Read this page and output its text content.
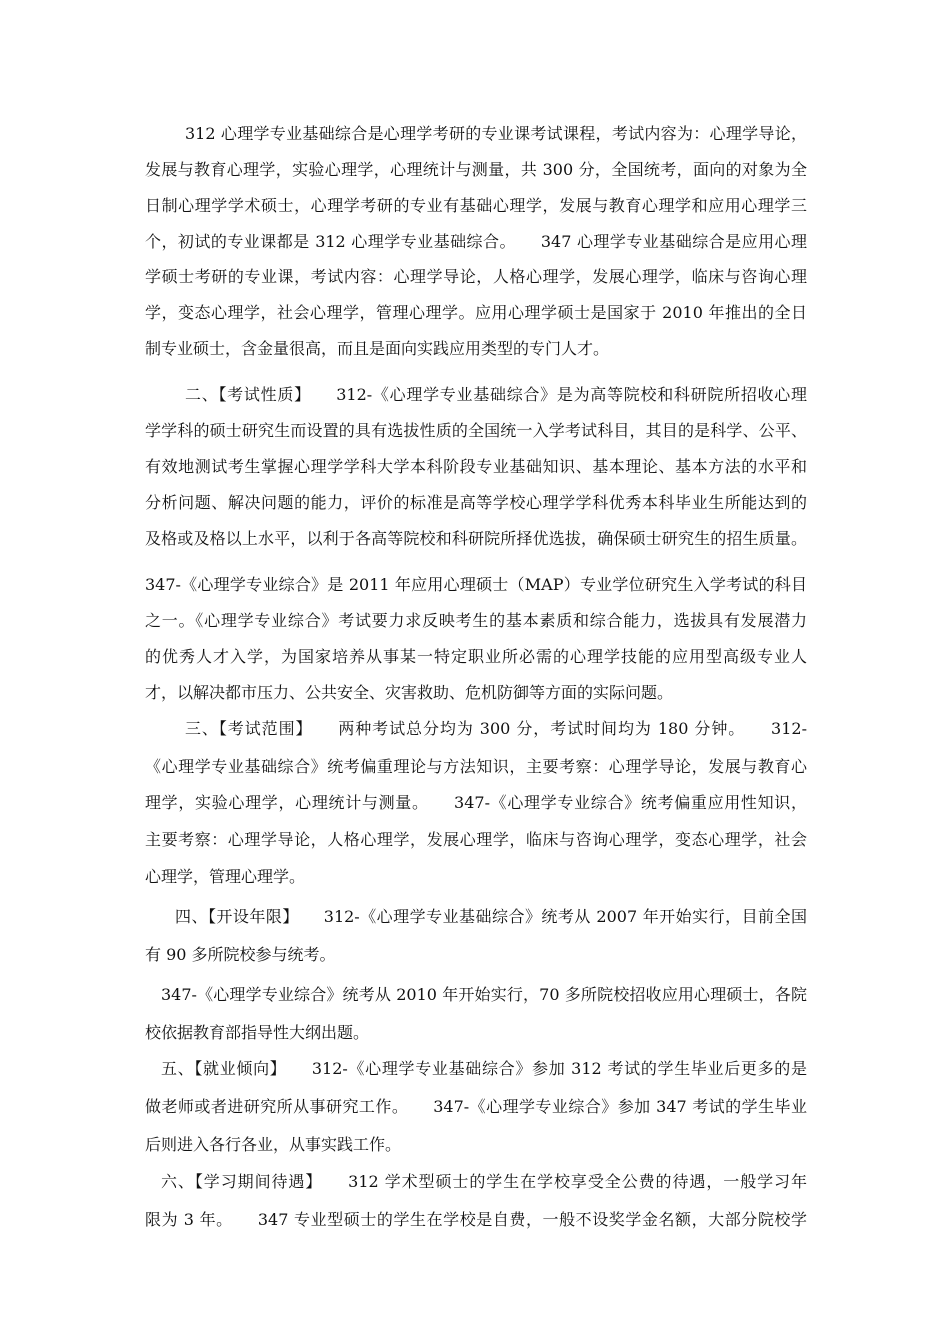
312 心理学专业基础综合是心理学考研的专业课考试课程，考试内容为：心理学导论，
发展与教育心理学，实验心理学，心理统计与测量，共 300 分，全国统考，面向的对象为全
日制心理学学术硕士，心理学考研的专业有基础心理学，发展与教育心理学和应用心理学三
个，初试的专业课都是 312 心理学专业基础综合。　　347 心理学专业基础综合是应用心理
学硕士考研的专业课，考试内容：心理学导论，人格心理学，发展心理学，临床与咨询心理
学，变态心理学，社会心理学，管理心理学。应用心理学硕士是国家于 2010 年推出的全日
制专业硕士，含金量很高，而且是面向实践应用类型的专门人才。
二、【考试性质】　　312-《心理学专业基础综合》是为高等院校和科研院所招收心理
学学科的硕士研究生而设置的具有选拔性质的全国统一入学考试科目，其目的是科学、公平、
有效地测试考生掌握心理学学科大学本科阶段专业基础知识、基本理论、基本方法的水平和
分析问题、解决问题的能力，评价的标准是高等学校心理学学科优秀本科毕业生所能达到的
及格或及格以上水平，以利于各高等院校和科研院所择优选拔，确保硕士研究生的招生质量。
347-《心理学专业综合》是 2011 年应用心理硕士（MAP）专业学位研究生入学考试的科目
之一。《心理学专业综合》考试要力求反映考生的基本素质和综合能力，选拔具有发展潜力
的优秀人才入学，为国家培养从事某一特定职业所必需的心理学技能的应用型高级专业人
才，以解决都市压力、公共安全、灾害救助、危机防御等方面的实际问题。
三、【考试范围】　　两种考试总分均为 300 分，考试时间均为 180 分钟。　　312-
《心理学专业基础综合》统考偏重理论与方法知识，主要考察：心理学导论，发展与教育心
理学，实验心理学，心理统计与测量。　　347-《心理学专业综合》统考偏重应用性知识，
主要考察：心理学导论，人格心理学，发展心理学，临床与咨询心理学，变态心理学，社会
心理学，管理心理学。
四、【开设年限】　　312-《心理学专业基础综合》统考从 2007 年开始实行，目前全国
有 90 多所院校参与统考。
347-《心理学专业综合》统考从 2010 年开始实行，70 多所院校招收应用心理硕士，各院
校依据教育部指导性大纲出题。
五、【就业倾向】　　312-《心理学专业基础综合》参加 312 考试的学生毕业后更多的是
做老师或者进研究所从事研究工作。　　347-《心理学专业综合》参加 347 考试的学生毕业
后则进入各行各业，从事实践工作。
六、【学习期间待遇】　　312 学术型硕士的学生在学校享受全公费的待遇，一般学习年
限为 3 年。　　347 专业型硕士的学生在学校是自费，一般不设奖学金名额，大部分院校学
